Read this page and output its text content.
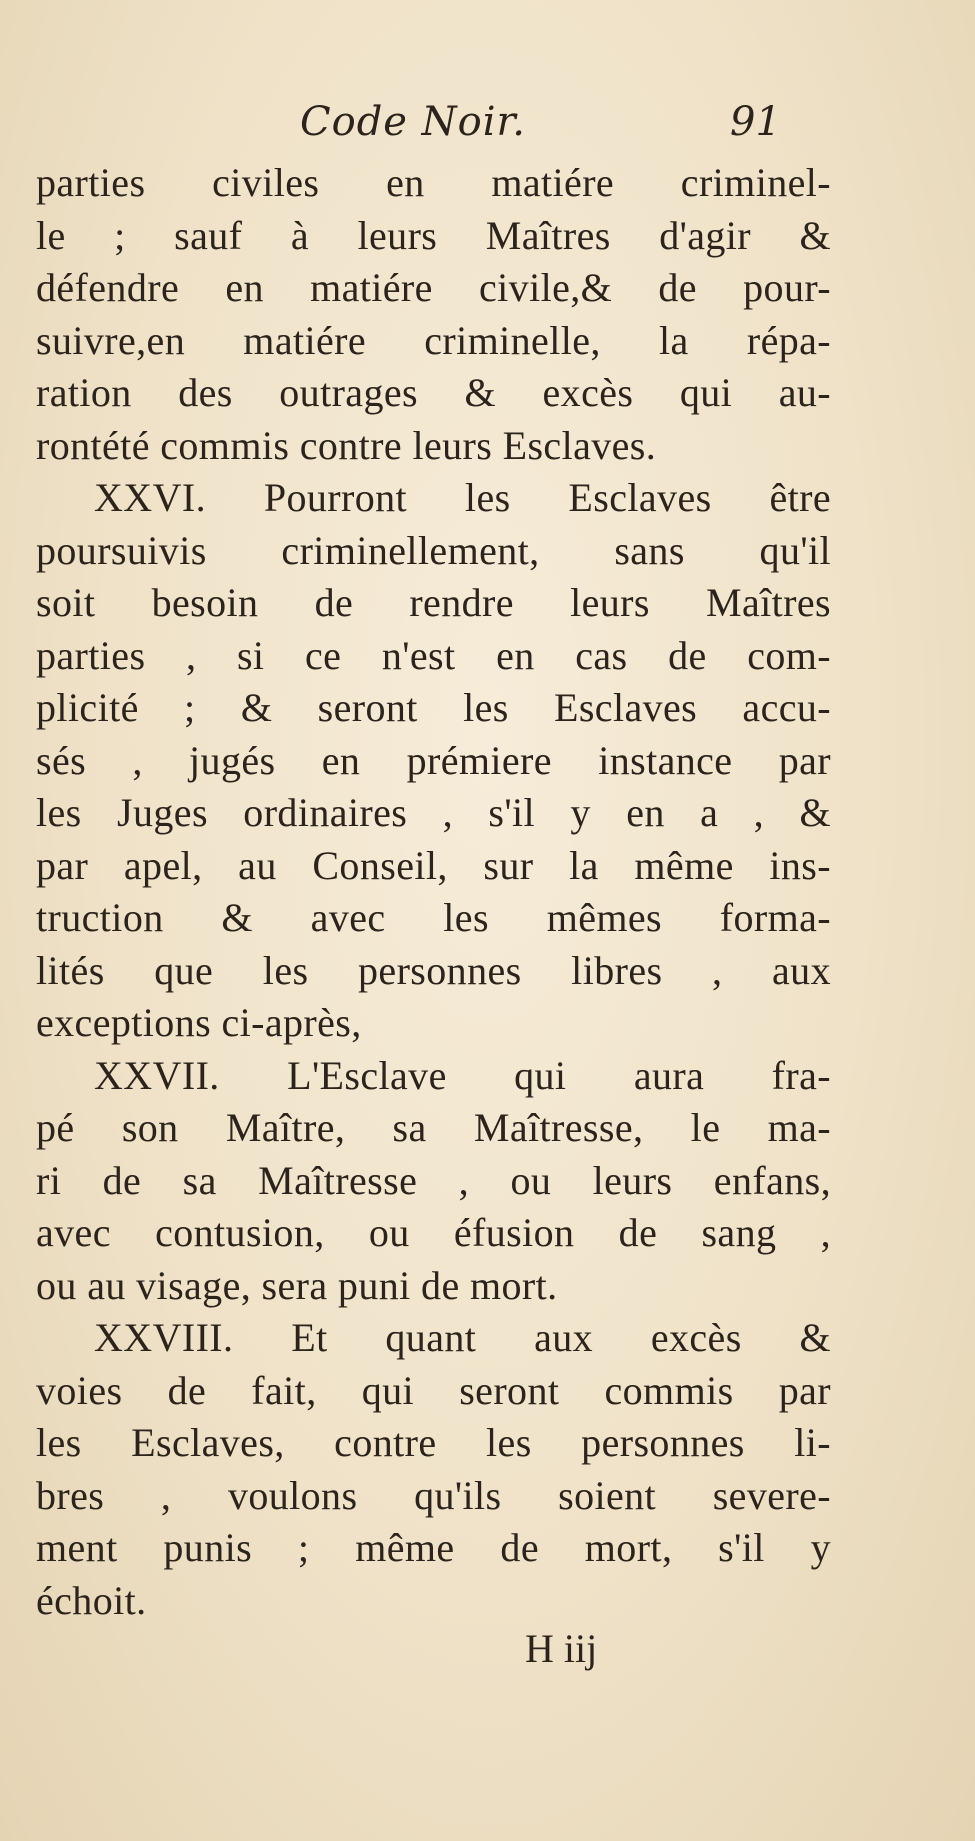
Code Noir.	91
parties civiles en matiére criminel-
le ; sauf à leurs Maîtres d'agir &
défendre en matiére civile,& de pour-
suivre,en matiére criminelle, la répa-
ration des outrages & excès qui au-
rontété commis contre leurs Esclaves.
XXVI. Pourront les Esclaves être
poursuivis criminellement, sans qu'il
soit besoin de rendre leurs Maîtres
parties , si ce n'est en cas de com-
plicité ; & seront les Esclaves accu-
sés , jugés en prémiere instance par
les Juges ordinaires , s'il y en a , &
par apel, au Conseil, sur la même ins-
truction & avec les mêmes forma-
lités que les personnes libres , aux
exceptions ci-après,
XXVII. L'Esclave qui aura fra-
pé son Maître, sa Maîtresse, le ma-
ri de sa Maîtresse , ou leurs enfans,
avec contusion, ou éfusion de sang ,
ou au visage, sera puni de mort.
XXVIII. Et quant aux excès &
voies de fait, qui seront commis par
les Esclaves, contre les personnes li-
bres , voulons qu'ils soient severe-
ment punis ; même de mort, s'il y
échoit.
H iij
